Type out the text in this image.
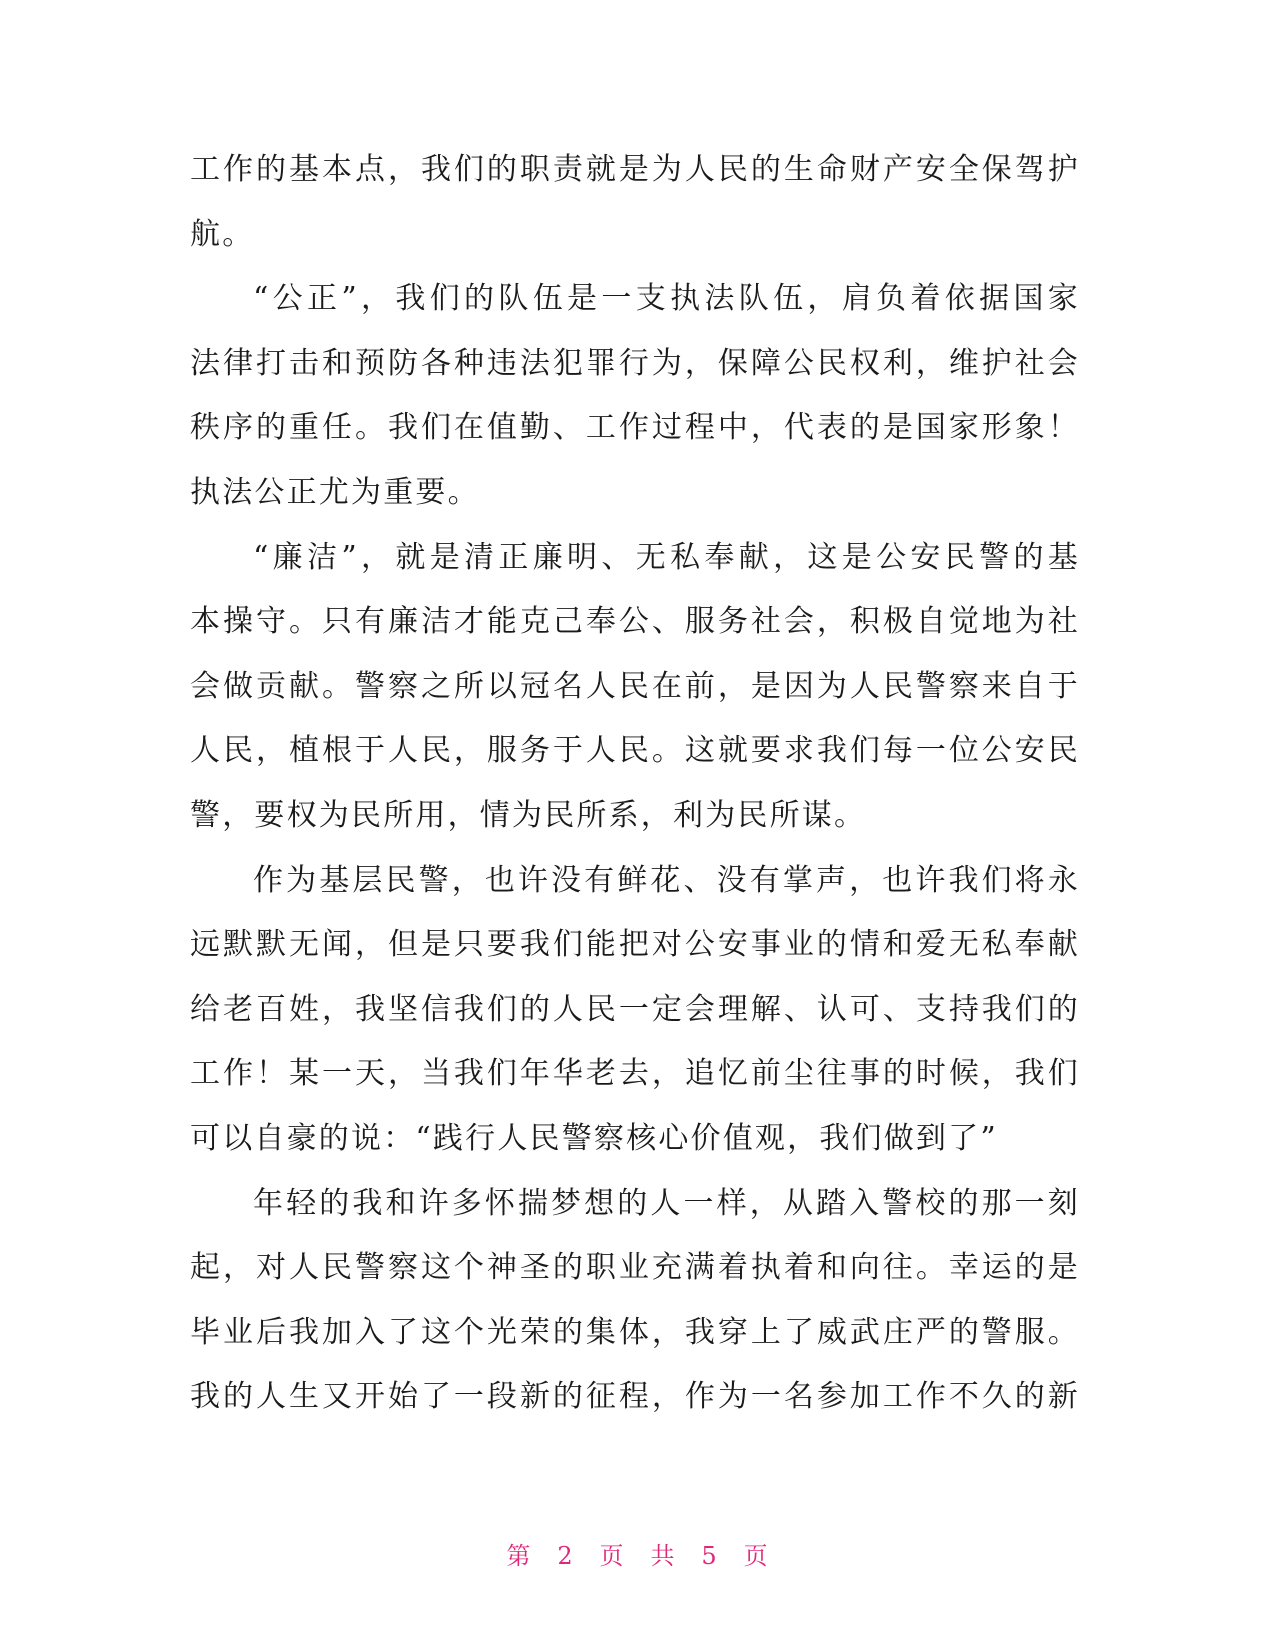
工作的基本点，我们的职责就是为人民的生命财产安全保驾护
航。
“公正”，我们的队伍是一支执法队伍，肩负着依据国家
法律打击和预防各种违法犯罪行为，保障公民权利，维护社会
秩序的重任。我们在值勤、工作过程中，代表的是国家形象！
执法公正尤为重要。
“廉洁”，就是清正廉明、无私奉献，这是公安民警的基
本操守。只有廉洁才能克己奉公、服务社会，积极自觉地为社
会做贡献。警察之所以冠名人民在前，是因为人民警察来自于
人民，植根于人民，服务于人民。这就要求我们每一位公安民
警，要权为民所用，情为民所系，利为民所谋。
作为基层民警，也许没有鲜花、没有掌声，也许我们将永
远默默无闻，但是只要我们能把对公安事业的情和爱无私奉献
给老百姓，我坚信我们的人民一定会理解、认可、支持我们的
工作！某一天，当我们年华老去，追忆前尘往事的时候，我们
可以自豪的说：“践行人民警察核心价值观，我们做到了”
年轻的我和许多怀揣梦想的人一样，从踏入警校的那一刻
起，对人民警察这个神圣的职业充满着执着和向往。幸运的是
毕业后我加入了这个光荣的集体，我穿上了威武庄严的警服。
我的人生又开始了一段新的征程，作为一名参加工作不久的新
第 2 页 共 5 页
